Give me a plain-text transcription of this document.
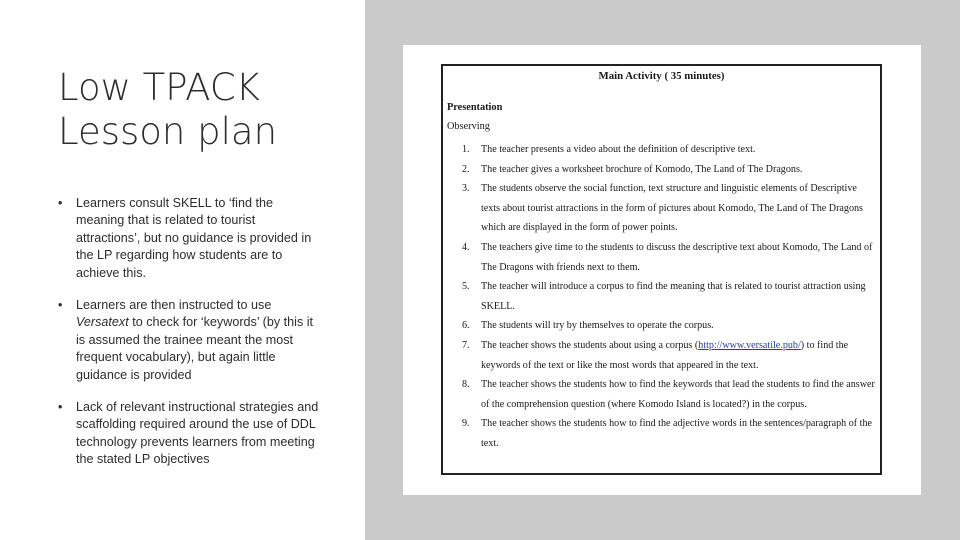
Low TPACK
Lesson plan
• Learners consult SKELL to ‘find the meaning that is related to tourist attractions’, but no guidance is provided in the LP regarding how students are to achieve this.
• Learners are then instructed to use Versatext to check for ‘keywords’ (by this it is assumed the trainee meant the most frequent vocabulary), but again little guidance is provided
• Lack of relevant instructional strategies and scaffolding required around the use of DDL technology prevents learners from meeting the stated LP objectives
Main Activity ( 35 minutes)
Presentation
Observing
1. The teacher presents a video about the definition of descriptive text.
2. The teacher gives a worksheet brochure of Komodo, The Land of The Dragons.
3. The students observe the social function, text structure and linguistic elements of Descriptive texts about tourist attractions in the form of pictures about Komodo, The Land of The Dragons which are displayed in the form of power points.
4. The teachers give time to the students to discuss the descriptive text about Komodo, The Land of The Dragons with friends next to them.
5. The teacher will introduce a corpus to find the meaning that is related to tourist attraction using SKELL.
6. The students will try by themselves to operate the corpus.
7. The teacher shows the students about using a corpus (http://www.versatile.pub/) to find the keywords of the text or like the most words that appeared in the text.
8. The teacher shows the students how to find the keywords that lead the students to find the answer of the comprehension question (where Komodo Island is located?) in the corpus.
9. The teacher shows the students how to find the adjective words in the sentences/paragraph of the text.
